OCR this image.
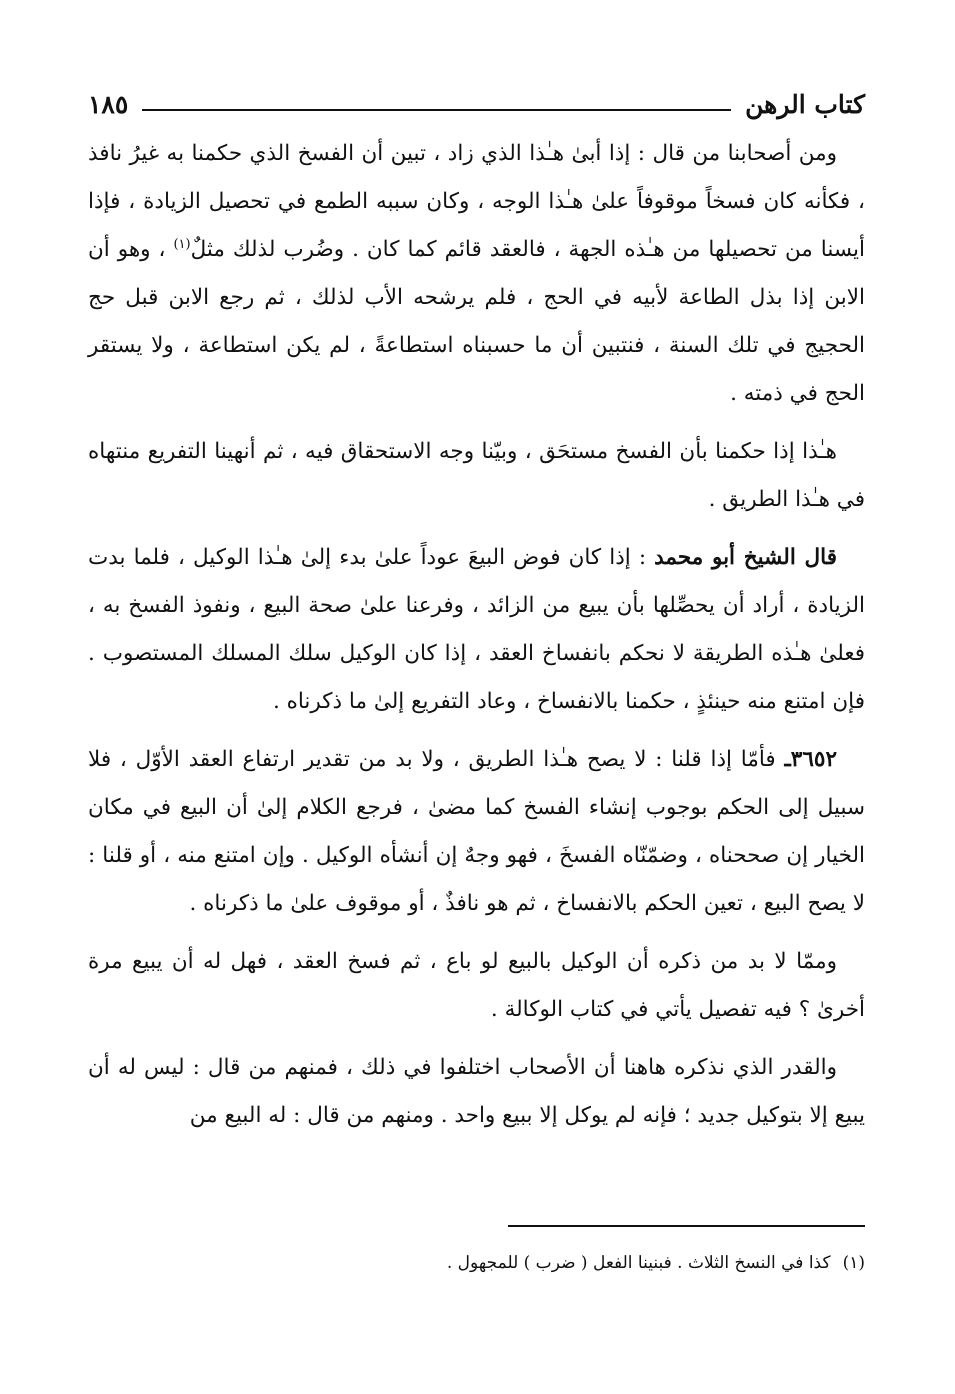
كتاب الرهن
١٨٥

ومن أصحابنا من قال : إذا أبىٰ هـٰذا الذي زاد ، تبين أن الفسخ الذي حكمنا به غيرُ نافذ ، فكأنه كان فسخاً موقوفاً علىٰ هـٰذا الوجه ، وكان سببه الطمع في تحصيل الزيادة ، فإذا أيسنا من تحصيلها من هـٰذه الجهة ، فالعقد قائم كما كان . وضُرب لذلك مثلٌ$^{(١)}$ ، وهو أن الابن إذا بذل الطاعة لأبيه في الحج ، فلم يرشحه الأب لذلك ، ثم رجع الابن قبل حج الحجيج في تلك السنة ، فنتبين أن ما حسبناه استطاعةً ، لم يكن استطاعة ، ولا يستقر الحج في ذمته .

هـٰذا إذا حكمنا بأن الفسخ مستحَق ، وبيّنا وجه الاستحقاق فيه ، ثم أنهينا التفريع منتهاه في هـٰذا الطريق .

قال الشيخ أبو محمد : إذا كان فوض البيعَ عوداً علىٰ بدء إلىٰ هـٰذا الوكيل ، فلما بدت الزيادة ، أراد أن يحصِّلها بأن يبيع من الزائد ، وفرعنا علىٰ صحة البيع ، ونفوذ الفسخ به ، فعلىٰ هـٰذه الطريقة لا نحكم بانفساخ العقد ، إذا كان الوكيل سلك المسلك المستصوب . فإن امتنع منه حينئذٍ ، حكمنا بالانفساخ ، وعاد التفريع إلىٰ ما ذكرناه .

٣٦٥٢ـ فأمّا إذا قلنا : لا يصح هـٰذا الطريق ، ولا بد من تقدير ارتفاع العقد الأوّل ، فلا سبيل إلى الحكم بوجوب إنشاء الفسخ كما مضىٰ ، فرجع الكلام إلىٰ أن البيع في مكان الخيار إن صححناه ، وضمّنّاه الفسخَ ، فهو وجهٌ إن أنشأه الوكيل . وإن امتنع منه ، أو قلنا : لا يصح البيع ، تعين الحكم بالانفساخ ، ثم هو نافذٌ ، أو موقوف علىٰ ما ذكرناه .

وممّا لا بد من ذكره أن الوكيل بالبيع لو باع ، ثم فسخ العقد ، فهل له أن يبيع مرة أخرىٰ ؟ فيه تفصيل يأتي في كتاب الوكالة .

والقدر الذي نذكره هاهنا أن الأصحاب اختلفوا في ذلك ، فمنهم من قال : ليس له أن يبيع إلا بتوكيل جديد ؛ فإنه لم يوكل إلا ببيع واحد . ومنهم من قال : له البيع من

(١)كذا في النسخ الثلاث . فبنينا الفعل ( ضرب ) للمجهول .
